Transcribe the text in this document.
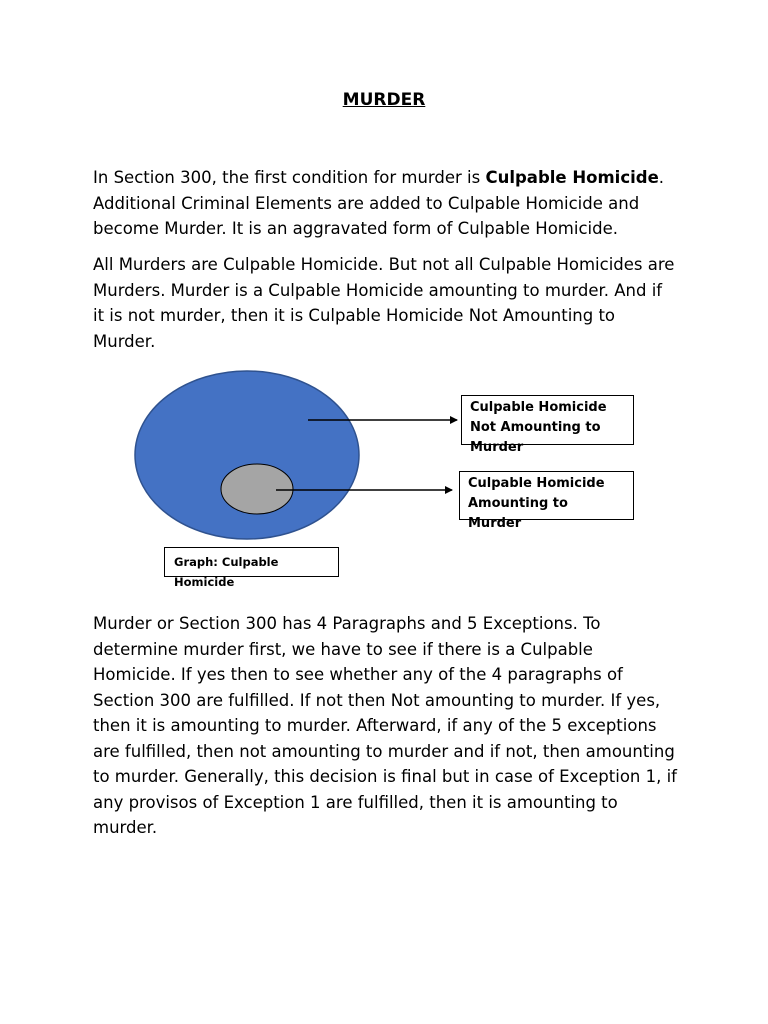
MURDER

In Section 300, the first condition for murder is Culpable Homicide. Additional Criminal Elements are added to Culpable Homicide and become Murder. It is an aggravated form of Culpable Homicide.

All Murders are Culpable Homicide. But not all Culpable Homicides are Murders. Murder is a Culpable Homicide amounting to murder. And if it is not murder, then it is Culpable Homicide Not Amounting to Murder.

Culpable Homicide Not Amounting to Murder
Culpable Homicide Amounting to Murder
Graph: Culpable Homicide

Murder or Section 300 has 4 Paragraphs and 5 Exceptions. To determine murder first, we have to see if there is a Culpable Homicide. If yes then to see whether any of the 4 paragraphs of Section 300 are fulfilled. If not then Not amounting to murder. If yes, then it is amounting to murder. Afterward, if any of the 5 exceptions are fulfilled, then not amounting to murder and if not, then amounting to murder. Generally, this decision is final but in case of Exception 1, if any provisos of Exception 1 are fulfilled, then it is amounting to murder.
